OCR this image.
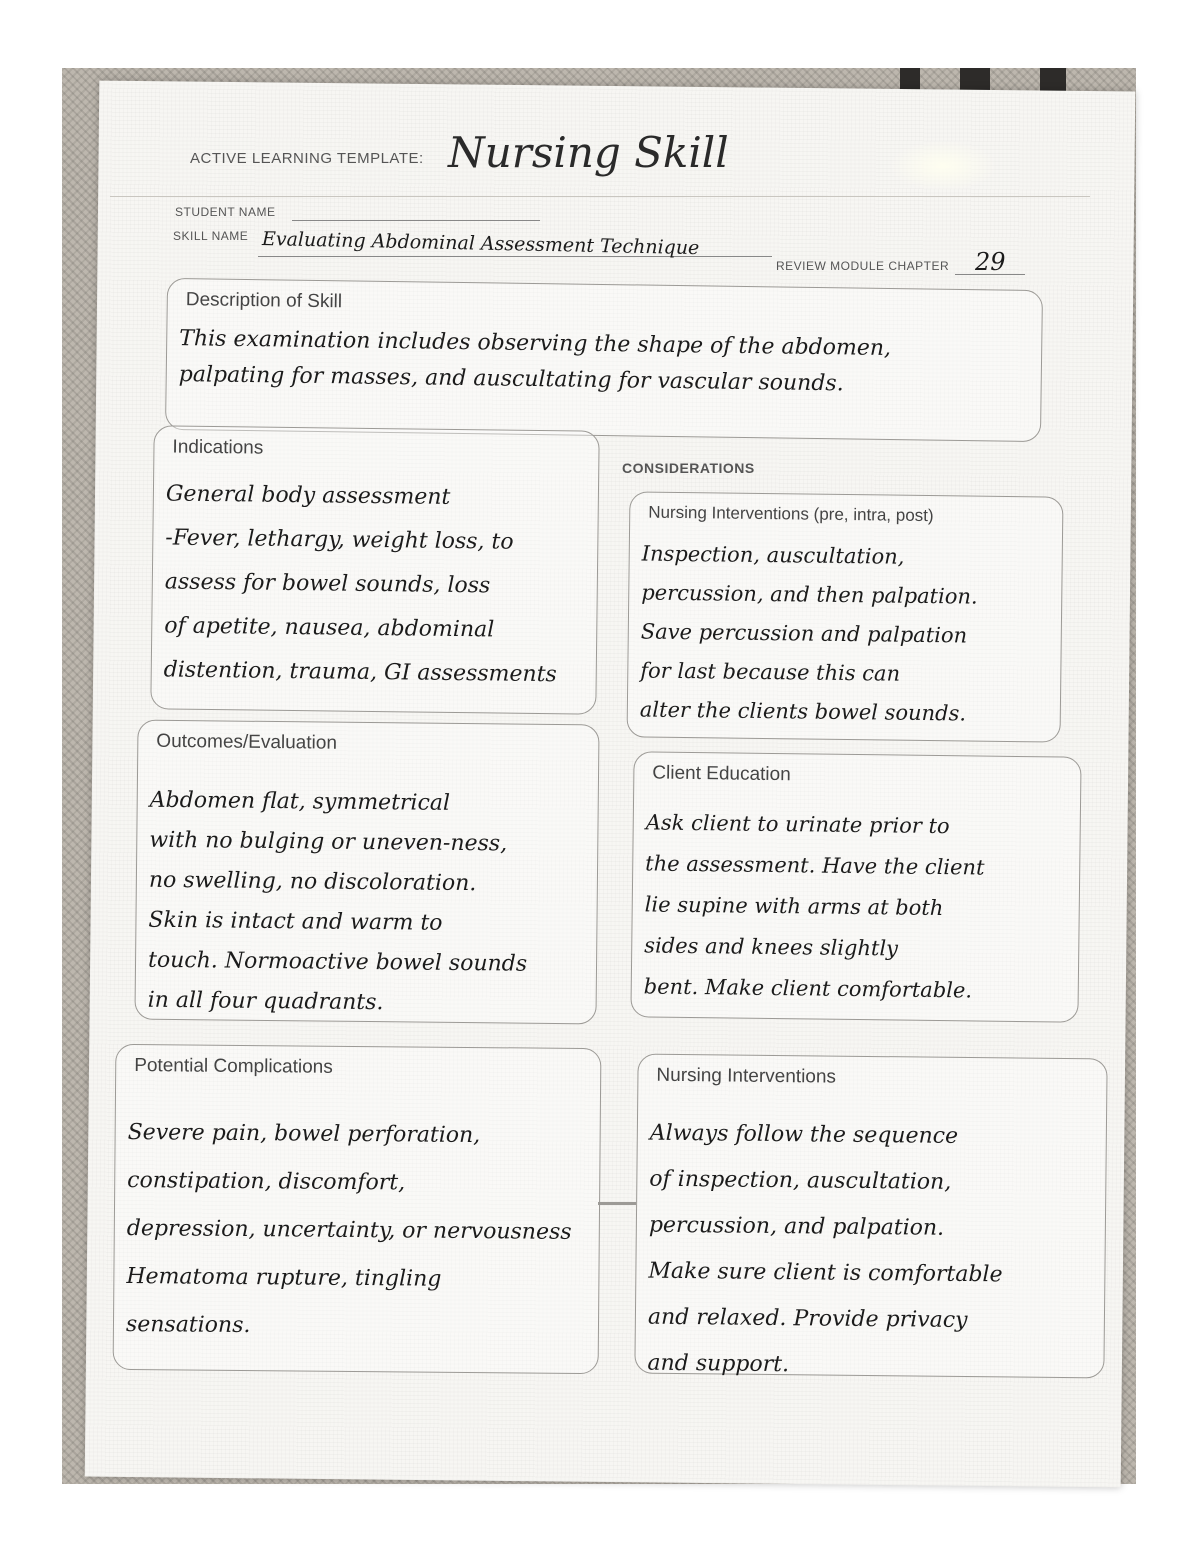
ACTIVE LEARNING TEMPLATE: Nursing Skill
STUDENT NAME
SKILL NAME Evaluating Abdominal Assessment Technique
REVIEW MODULE CHAPTER 29
Description of Skill
This examination includes observing the shape of the abdomen,
palpating for masses, and auscultating for vascular sounds.
Indications
General body assessment
-Fever, lethargy, weight loss, to
assess for bowel sounds, loss
of apetite, nausea, abdominal
distention, trauma, GI assessments
CONSIDERATIONS
Nursing Interventions (pre, intra, post)
Inspection, auscultation,
percussion, and then palpation.
Save percussion and palpation
for last because this can
alter the clients bowel sounds.
Outcomes/Evaluation
Abdomen flat, symmetrical
with no bulging or uneven-ness,
no swelling, no discoloration.
Skin is intact and warm to
touch. Normoactive bowel sounds
in all four quadrants.
Client Education
Ask client to urinate prior to
the assessment. Have the client
lie supine with arms at both
sides and knees slightly
bent. Make client comfortable.
Potential Complications
Severe pain, bowel perforation,
constipation, discomfort,
depression, uncertainty, or nervousness
Hematoma rupture, tingling
sensations.
Nursing Interventions
Always follow the sequence
of inspection, auscultation,
percussion, and palpation.
Make sure client is comfortable
and relaxed. Provide privacy
and support.
